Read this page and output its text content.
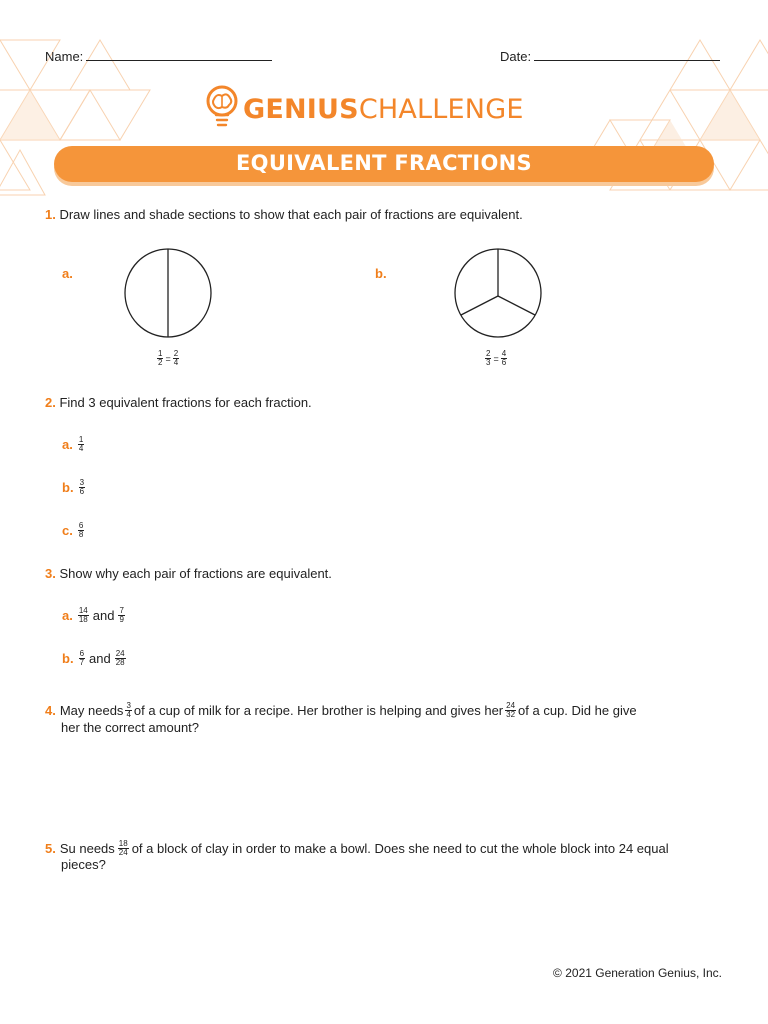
Name:	Date:
GENIUSCHALLENGE
EQUIVALENT FRACTIONS
1. Draw lines and shade sections to show that each pair of fractions are equivalent.
a.
$\frac{1}{2} = \frac{2}{4}$
b.
$\frac{2}{3} = \frac{4}{6}$
2. Find 3 equivalent fractions for each fraction.
a. $\frac{1}{4}$
b. $\frac{3}{6}$
c. $\frac{6}{8}$
3. Show why each pair of fractions are equivalent.
a. $\frac{14}{18}$ and $\frac{7}{9}$
b. $\frac{6}{7}$ and $\frac{24}{28}$
4. May needs $\frac{3}{4}$ of a cup of milk for a recipe. Her brother is helping and gives her $\frac{24}{32}$ of a cup. Did he give
her the correct amount?
5. Su needs $\frac{18}{24}$ of a block of clay in order to make a bowl. Does she need to cut the whole block into 24 equal
pieces?
© 2021 Generation Genius, Inc.
